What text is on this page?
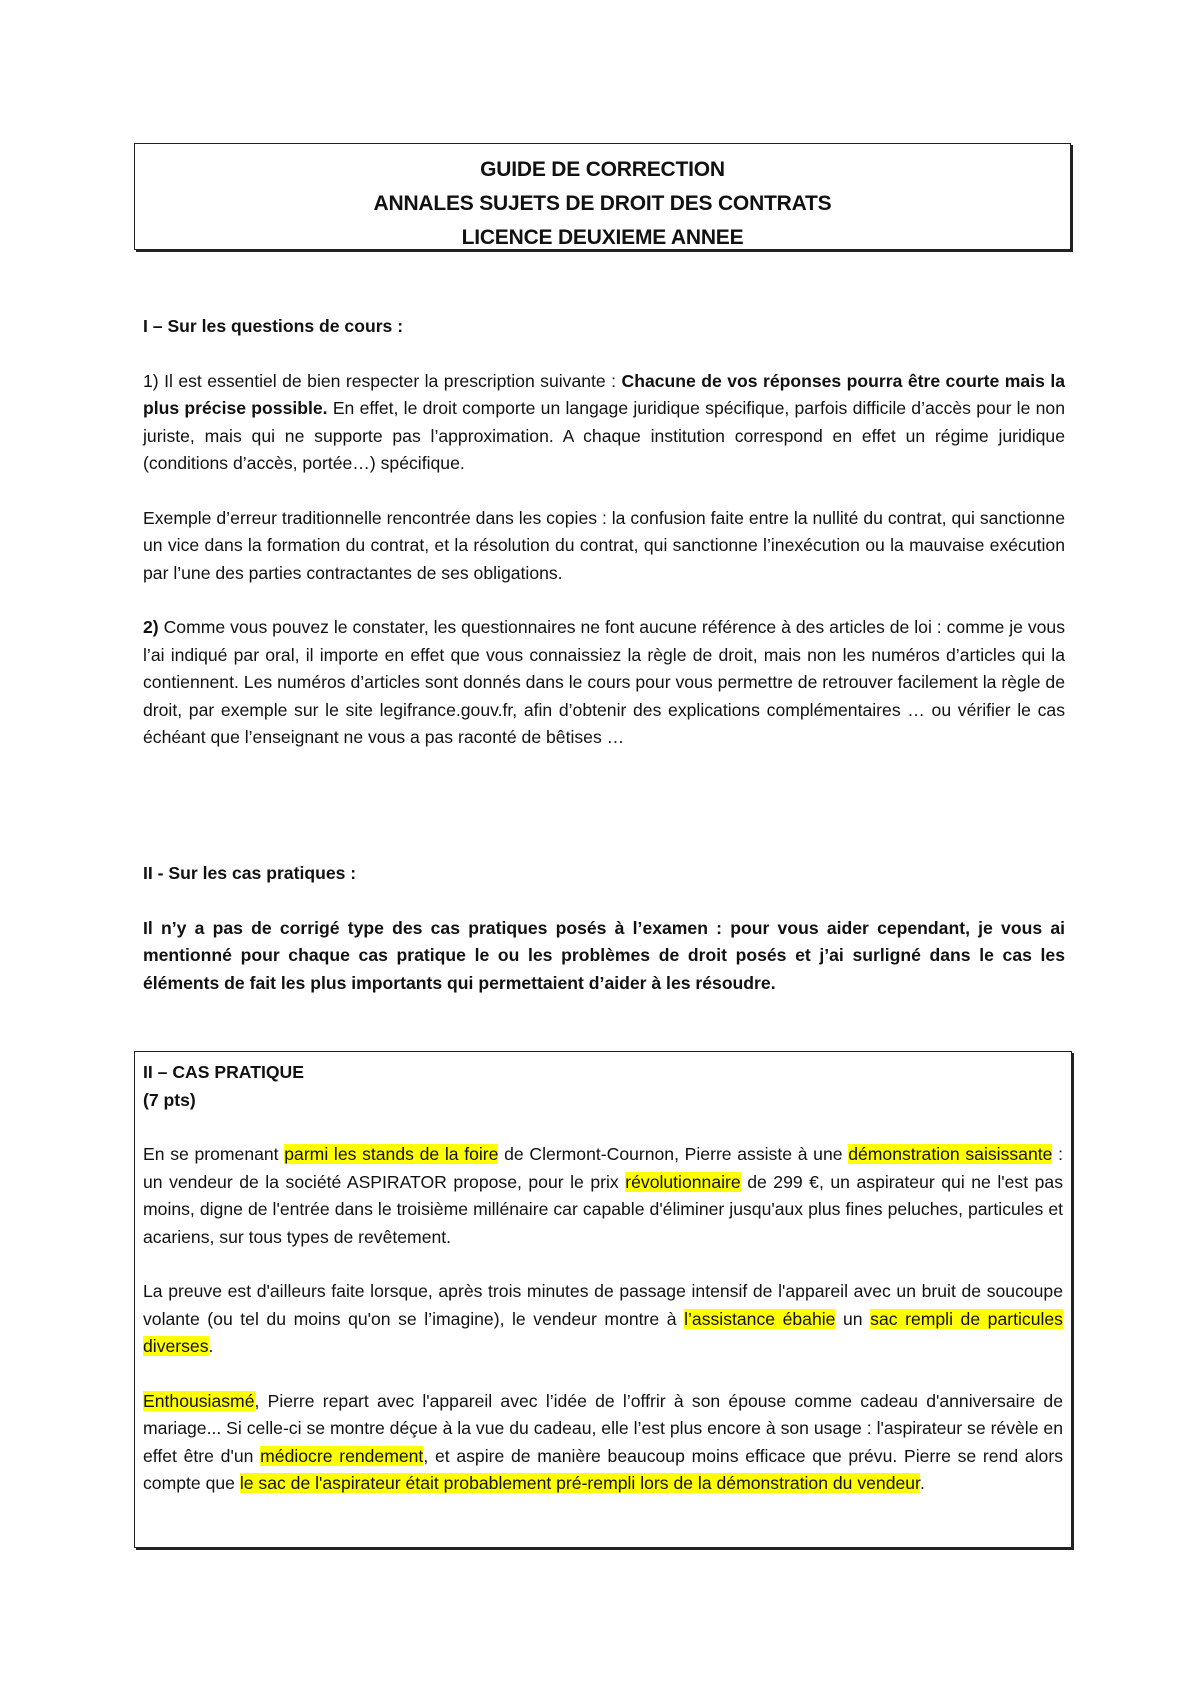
GUIDE DE CORRECTION
ANNALES SUJETS DE DROIT DES CONTRATS
LICENCE DEUXIEME ANNEE

I – Sur les questions de cours :

1) Il est essentiel de bien respecter la prescription suivante : Chacune de vos réponses pourra être courte mais la plus précise possible. En effet, le droit comporte un langage juridique spécifique, parfois difficile d’accès pour le non juriste, mais qui ne supporte pas l’approximation. A chaque institution correspond en effet un régime juridique (conditions d’accès, portée…) spécifique.

Exemple d’erreur traditionnelle rencontrée dans les copies : la confusion faite entre la nullité du contrat, qui sanctionne un vice dans la formation du contrat, et la résolution du contrat, qui sanctionne l’inexécution ou la mauvaise exécution par l’une des parties contractantes de ses obligations.

2) Comme vous pouvez le constater, les questionnaires ne font aucune référence à des articles de loi : comme je vous l’ai indiqué par oral, il importe en effet que vous connaissiez la règle de droit, mais non les numéros d’articles qui la contiennent. Les numéros d’articles sont donnés dans le cours pour vous permettre de retrouver facilement la règle de droit, par exemple sur le site legifrance.gouv.fr, afin d’obtenir des explications complémentaires … ou vérifier le cas échéant que l’enseignant ne vous a pas raconté de bêtises …

II - Sur les cas pratiques :

Il n’y a pas de corrigé type des cas pratiques posés à l’examen : pour vous aider cependant, je vous ai mentionné pour chaque cas pratique le ou les problèmes de droit posés et j’ai surligné dans le cas les éléments de fait les plus importants qui permettaient d’aider à les résoudre.

II – CAS PRATIQUE

(7 pts)

En se promenant parmi les stands de la foire de Clermont-Cournon, Pierre assiste à une démonstration saisissante : un vendeur de la société ASPIRATOR propose, pour le prix révolutionnaire de 299 €, un aspirateur qui ne l'est pas moins, digne de l'entrée dans le troisième millénaire car capable d'éliminer jusqu'aux plus fines peluches, particules et acariens, sur tous types de revêtement.

La preuve est d'ailleurs faite lorsque, après trois minutes de passage intensif de l'appareil avec un bruit de soucoupe volante (ou tel du moins qu'on se l’imagine), le vendeur montre à l’assistance ébahie un sac rempli de particules diverses.

Enthousiasmé, Pierre repart avec l'appareil avec l’idée de l’offrir à son épouse comme cadeau d'anniversaire de mariage... Si celle-ci se montre déçue à la vue du cadeau, elle l’est plus encore à son usage : l'aspirateur se révèle en effet être d'un médiocre rendement, et aspire de manière beaucoup moins efficace que prévu. Pierre se rend alors compte que le sac de l'aspirateur était probablement pré-rempli lors de la démonstration du vendeur.
